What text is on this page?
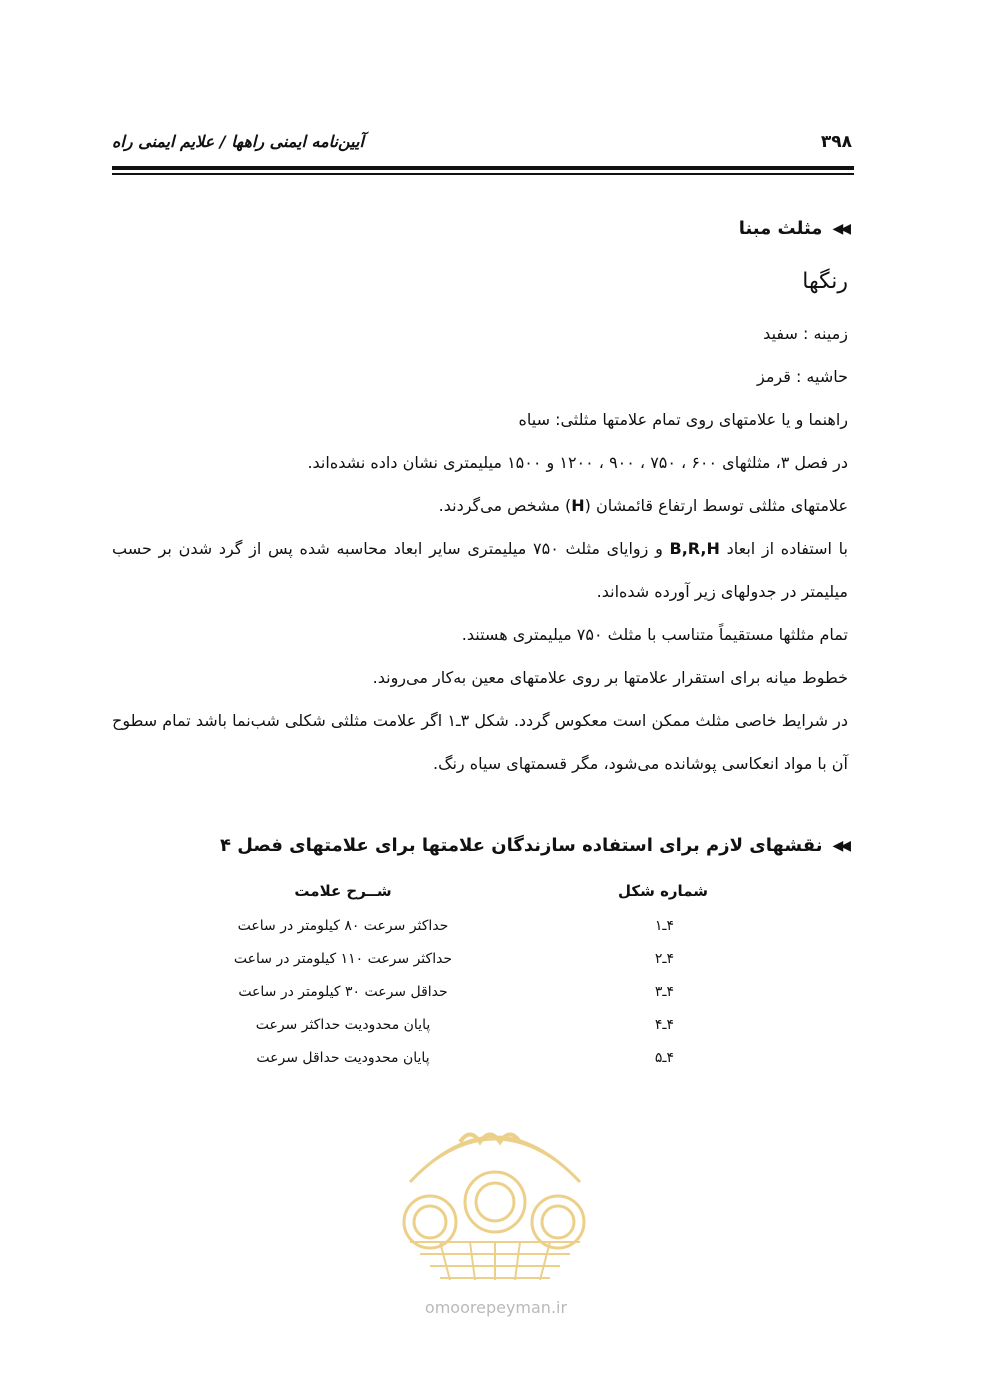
۳۹۸
آیین‌نامه ایمنی راهها / علایم ایمنی راه
◀◀
مثلث مبنا
رنگها

زمینه : سفید

حاشیه : قرمز

راهنما و یا علامتهای روی تمام علامتها مثلثی: سیاه

در فصل ۳، مثلثهای ۶۰۰ ، ۷۵۰ ، ۹۰۰ ، ۱۲۰۰ و ۱۵۰۰ میلیمتری نشان داده نشده‌اند.

علامتهای مثلثی توسط ارتفاع قائمشان (H) مشخص می‌گردند.

با استفاده از ابعاد B,R,H و زوایای مثلث ۷۵۰ میلیمتری سایر ابعاد محاسبه شده پس از گرد شدن بر حسب میلیمتر در جدولهای زیر آورده شده‌اند.

تمام مثلثها مستقیماً متناسب با مثلث ۷۵۰ میلیمتری هستند.

خطوط میانه برای استقرار علامتها بر روی علامتهای معین به‌کار می‌روند.

در شرایط خاصی مثلث ممکن است معکوس گردد. شکل ۳ـ۱ اگر علامت مثلثی شکلی شب‌نما باشد تمام سطوح آن با مواد انعکاسی پوشانده می‌شود، مگر قسمتهای سیاه رنگ.

◀◀
نقشهای لازم برای استفاده سازندگان علامتها برای علامتهای فصل ۴
شماره شکل
شــرح علامت
۴ـ۱
حداکثر سرعت ۸۰ کیلومتر در ساعت
۴ـ۲
حداکثر سرعت ۱۱۰ کیلومتر در ساعت
۴ـ۳
حداقل سرعت ۳۰ کیلومتر در ساعت
۴ـ۴
پایان محدودیت حداکثر سرعت
۴ـ۵
پایان محدودیت حداقل سرعت
omoorepeyman.ir
